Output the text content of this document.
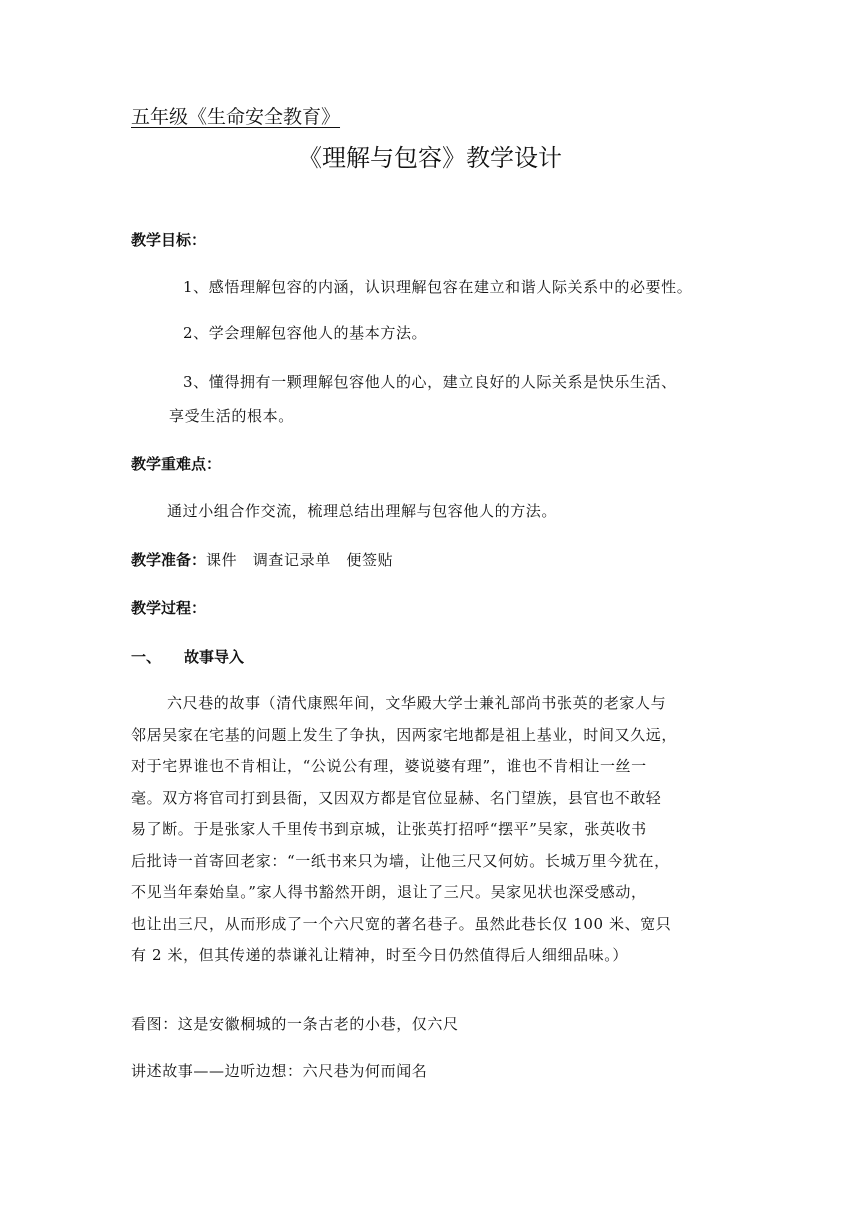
五年级《生命安全教育》
《理解与包容》教学设计
教学目标：
1、感悟理解包容的内涵，认识理解包容在建立和谐人际关系中的必要性。
2、学会理解包容他人的基本方法。
3、懂得拥有一颗理解包容他人的心，建立良好的人际关系是快乐生活、
享受生活的根本。
教学重难点：
通过小组合作交流，梳理总结出理解与包容他人的方法。
教学准备：课件　调查记录单　便签贴
教学过程：
一、 故事导入
六尺巷的故事（清代康熙年间，文华殿大学士兼礼部尚书张英的老家人与
邻居吴家在宅基的问题上发生了争执，因两家宅地都是祖上基业，时间又久远，
对于宅界谁也不肯相让，“公说公有理，婆说婆有理”，谁也不肯相让一丝一
毫。双方将官司打到县衙，又因双方都是官位显赫、名门望族，县官也不敢轻
易了断。于是张家人千里传书到京城，让张英打招呼“摆平”吴家，张英收书
后批诗一首寄回老家：“一纸书来只为墙，让他三尺又何妨。长城万里今犹在，
不见当年秦始皇。”家人得书豁然开朗，退让了三尺。吴家见状也深受感动，
也让出三尺，从而形成了一个六尺宽的著名巷子。虽然此巷长仅 100 米、宽只
有 2 米，但其传递的恭谦礼让精神，时至今日仍然值得后人细细品味。）
看图：这是安徽桐城的一条古老的小巷，仅六尺
讲述故事——边听边想：六尺巷为何而闻名
